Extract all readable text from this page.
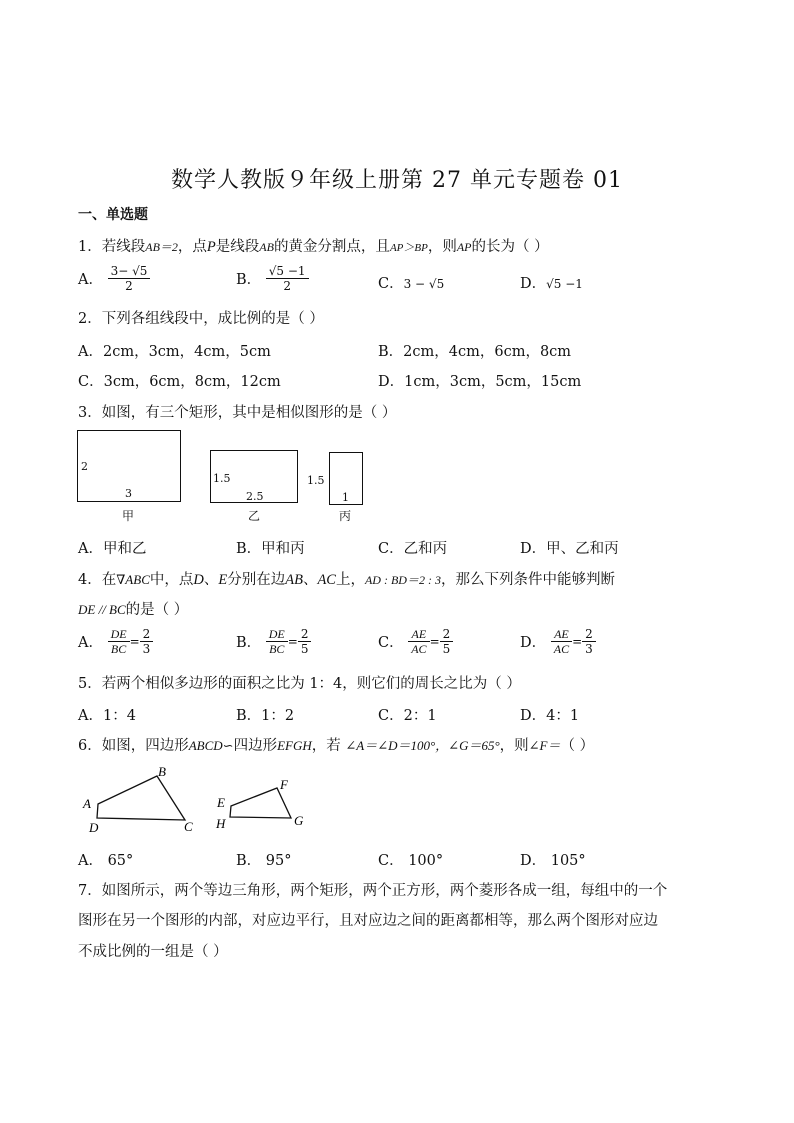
数学人教版９年级上册第 27 单元专题卷 01
一、单选题
1．若线段AB＝2，点P是线段AB的黄金分割点，且AP＞BP，则AP的长为（ ）
A． $\frac{3- √5}{2}$	B． $\frac{√5 -1}{2}$	C．3 − √5	D．√5 −1
2．下列各组线段中，成比例的是（ ）
A．2cm，3cm，4cm，5cm	B．2cm，4cm，6cm，8cm
C．3cm，6cm，8cm，12cm	D．1cm，3cm，5cm，15cm
3．如图，有三个矩形，其中是相似图形的是（ ）
2
3
甲
1.5
2.5
乙
1.5
1
丙
A．甲和乙	B．甲和丙	C．乙和丙	D．甲、乙和丙
4．在∇ABC中，点D、E分别在边AB、AC上，AD : BD＝2 : 3，那么下列条件中能够判断
DE // BC的是（ ）
A． $\frac{DE}{BC} = \frac{2}{3}$	B． $\frac{DE}{BC} = \frac{2}{5}$	C． $\frac{AE}{AC} = \frac{2}{5}$	D． $\frac{AE}{AC} = \frac{2}{3}$
5．若两个相似多边形的面积之比为 1：4，则它们的周长之比为（ ）
A．1：4	B．1：2	C．2：1	D．4：1
6．如图，四边形ABCD∽四边形EFGH，若 ∠A＝∠D＝100°，∠G＝65°，则∠F＝（ ）
A
B
C
D
E
F
G
H
A． 65°	B． 95°	C． 100°	D． 105°
7．如图所示，两个等边三角形，两个矩形，两个正方形，两个菱形各成一组，每组中的一个
图形在另一个图形的内部，对应边平行，且对应边之间的距离都相等，那么两个图形对应边
不成比例的一组是（ ）
